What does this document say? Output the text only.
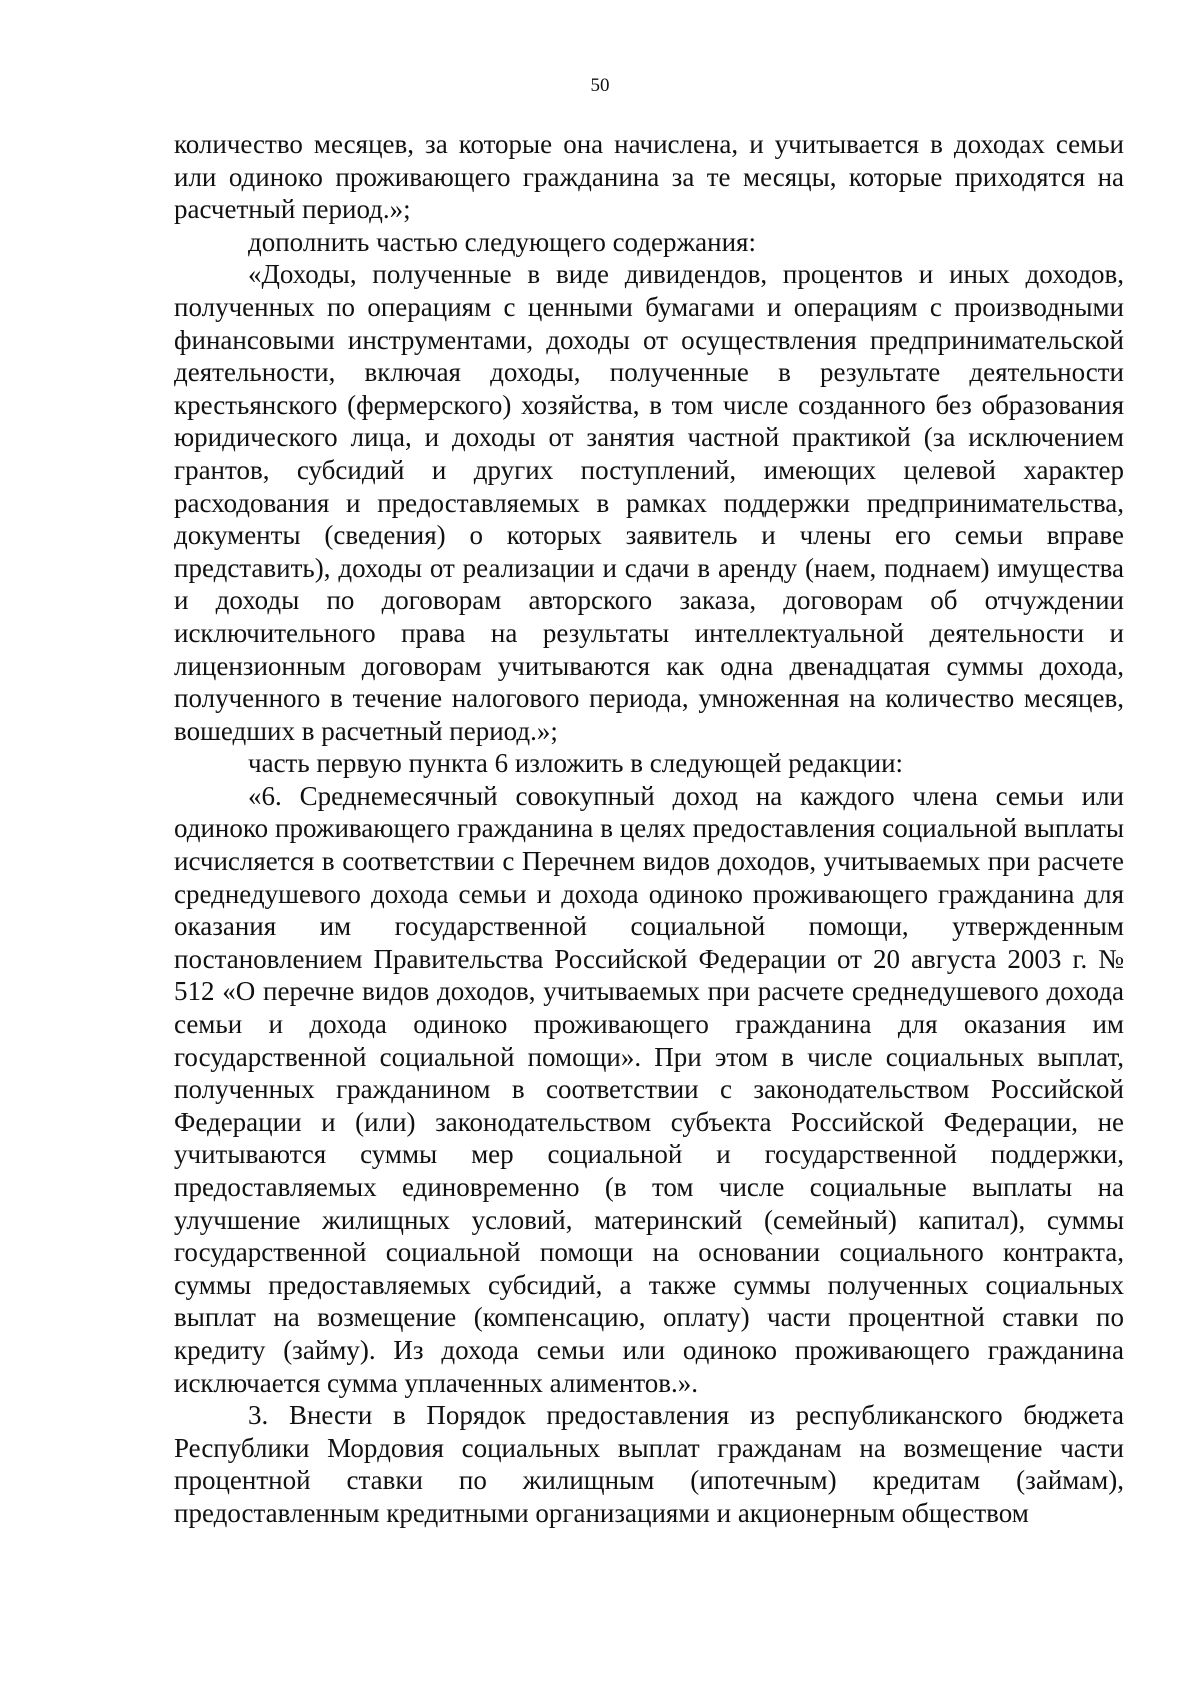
50

количество месяцев, за которые она начислена, и учитывается в доходах семьи или одиноко проживающего гражданина за те месяцы, которые приходятся на расчетный период.»;

дополнить частью следующего содержания:

«Доходы, полученные в виде дивидендов, процентов и иных доходов, полученных по операциям с ценными бумагами и операциям с производными финансовыми инструментами, доходы от осуществления предпринимательской деятельности, включая доходы, полученные в результате деятельности крестьянского (фермерского) хозяйства, в том числе созданного без образования юридического лица, и доходы от занятия частной практикой (за исключением грантов, субсидий и других поступлений, имеющих целевой характер расходования и предоставляемых в рамках поддержки предпринимательства, документы (сведения) о которых заявитель и члены его семьи вправе представить), доходы от реализации и сдачи в аренду (наем, поднаем) имущества и доходы по договорам авторского заказа, договорам об отчуждении исключительного права на результаты интеллектуальной деятельности и лицензионным договорам учитываются как одна двенадцатая суммы дохода, полученного в течение налогового периода, умноженная на количество месяцев, вошедших в расчетный период.»;

часть первую пункта 6 изложить в следующей редакции:

«6. Среднемесячный совокупный доход на каждого члена семьи или одиноко проживающего гражданина в целях предоставления социальной выплаты исчисляется в соответствии с Перечнем видов доходов, учитываемых при расчете среднедушевого дохода семьи и дохода одиноко проживающего гражданина для оказания им государственной социальной помощи, утвержденным постановлением Правительства Российской Федерации от 20 августа 2003 г. № 512 «О перечне видов доходов, учитываемых при расчете среднедушевого дохода семьи и дохода одиноко проживающего гражданина для оказания им государственной социальной помощи». При этом в числе социальных выплат, полученных гражданином в соответствии с законодательством Российской Федерации и (или) законодательством субъекта Российской Федерации, не учитываются суммы мер социальной и государственной поддержки, предоставляемых единовременно (в том числе социальные выплаты на улучшение жилищных условий, материнский (семейный) капитал), суммы государственной социальной помощи на основании социального контракта, суммы предоставляемых субсидий, а также суммы полученных социальных выплат на возмещение (компенсацию, оплату) части процентной ставки по кредиту (займу). Из дохода семьи или одиноко проживающего гражданина исключается сумма уплаченных алиментов.».

3. Внести в Порядок предоставления из республиканского бюджета Республики Мордовия социальных выплат гражданам на возмещение части процентной ставки по жилищным (ипотечным) кредитам (займам), предоставленным кредитными организациями и акционерным обществом
